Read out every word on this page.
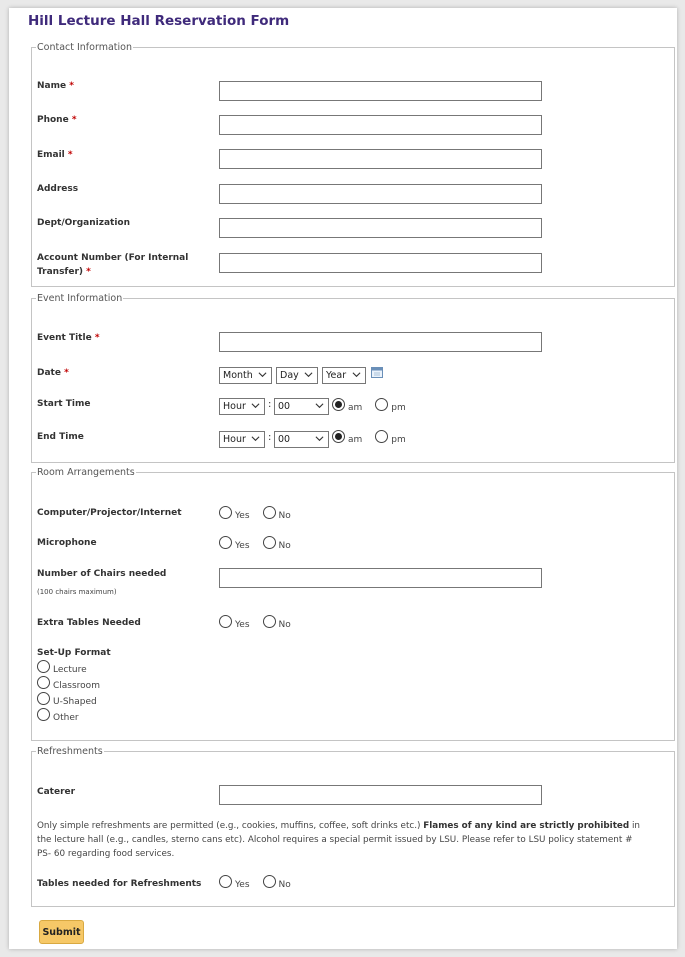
Hill Lecture Hall Reservation Form
Contact Information
Name *
Phone *
Email *
Address
Dept/Organization
Account Number (For Internal Transfer) *
Event Information
Event Title *
Date *	Month	Day	Year
Start Time	Hour	: 00	am	pm
End Time	Hour	: 00	am	pm
Room Arrangements
Computer/Projector/Internet	Yes	No
Microphone	Yes	No
Number of Chairs needed
(100 chairs maximum)
Extra Tables Needed	Yes	No
Set-Up Format
Lecture
Classroom
U-Shaped
Other
Refreshments
Caterer
Only simple refreshments are permitted (e.g., cookies, muffins, coffee, soft drinks etc.) Flames of any kind are strictly prohibited in the lecture hall (e.g., candles, sterno cans etc). Alcohol requires a special permit issued by LSU. Please refer to LSU policy statement # PS- 60 regarding food services.
Tables needed for Refreshments	Yes	No
Submit
